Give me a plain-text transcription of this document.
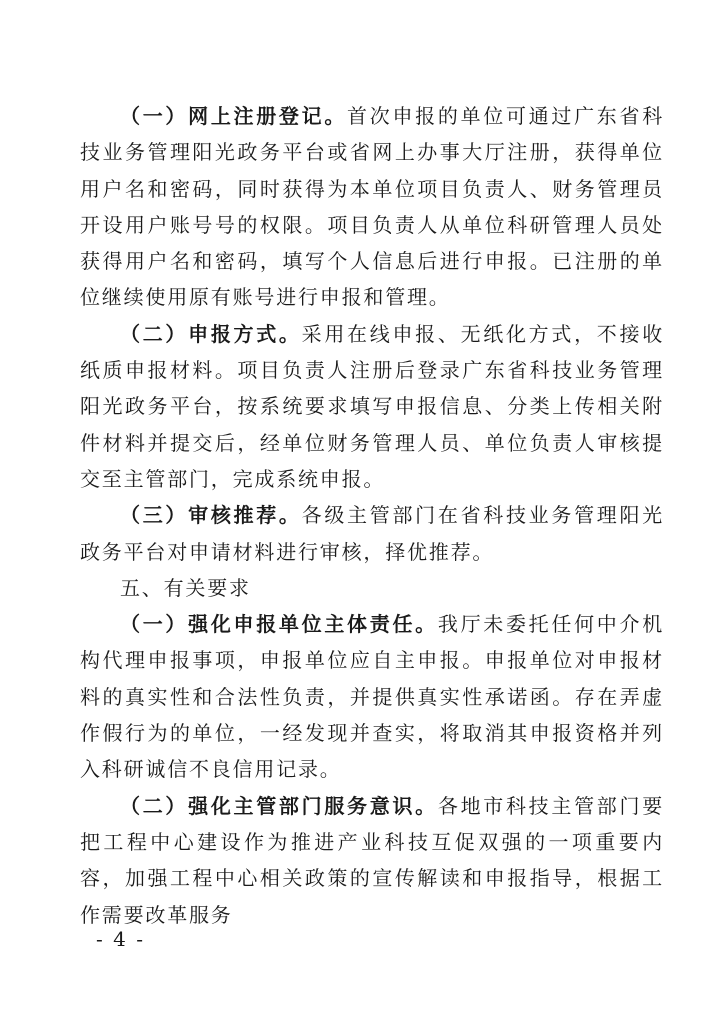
（一）网上注册登记。首次申报的单位可通过广东省科技业务管理阳光政务平台或省网上办事大厅注册，获得单位用户名和密码，同时获得为本单位项目负责人、财务管理员开设用户账号号的权限。项目负责人从单位科研管理人员处获得用户名和密码，填写个人信息后进行申报。已注册的单位继续使用原有账号进行申报和管理。

（二）申报方式。采用在线申报、无纸化方式，不接收纸质申报材料。项目负责人注册后登录广东省科技业务管理阳光政务平台，按系统要求填写申报信息、分类上传相关附件材料并提交后，经单位财务管理人员、单位负责人审核提交至主管部门，完成系统申报。

（三）审核推荐。各级主管部门在省科技业务管理阳光政务平台对申请材料进行审核，择优推荐。

五、有关要求

（一）强化申报单位主体责任。我厅未委托任何中介机构代理申报事项，申报单位应自主申报。申报单位对申报材料的真实性和合法性负责，并提供真实性承诺函。存在弄虚作假行为的单位，一经发现并查实，将取消其申报资格并列入科研诚信不良信用记录。

（二）强化主管部门服务意识。各地市科技主管部门要把工程中心建设作为推进产业科技互促双强的一项重要内容，加强工程中心相关政策的宣传解读和申报指导，根据工作需要改革服务

- 4 -
